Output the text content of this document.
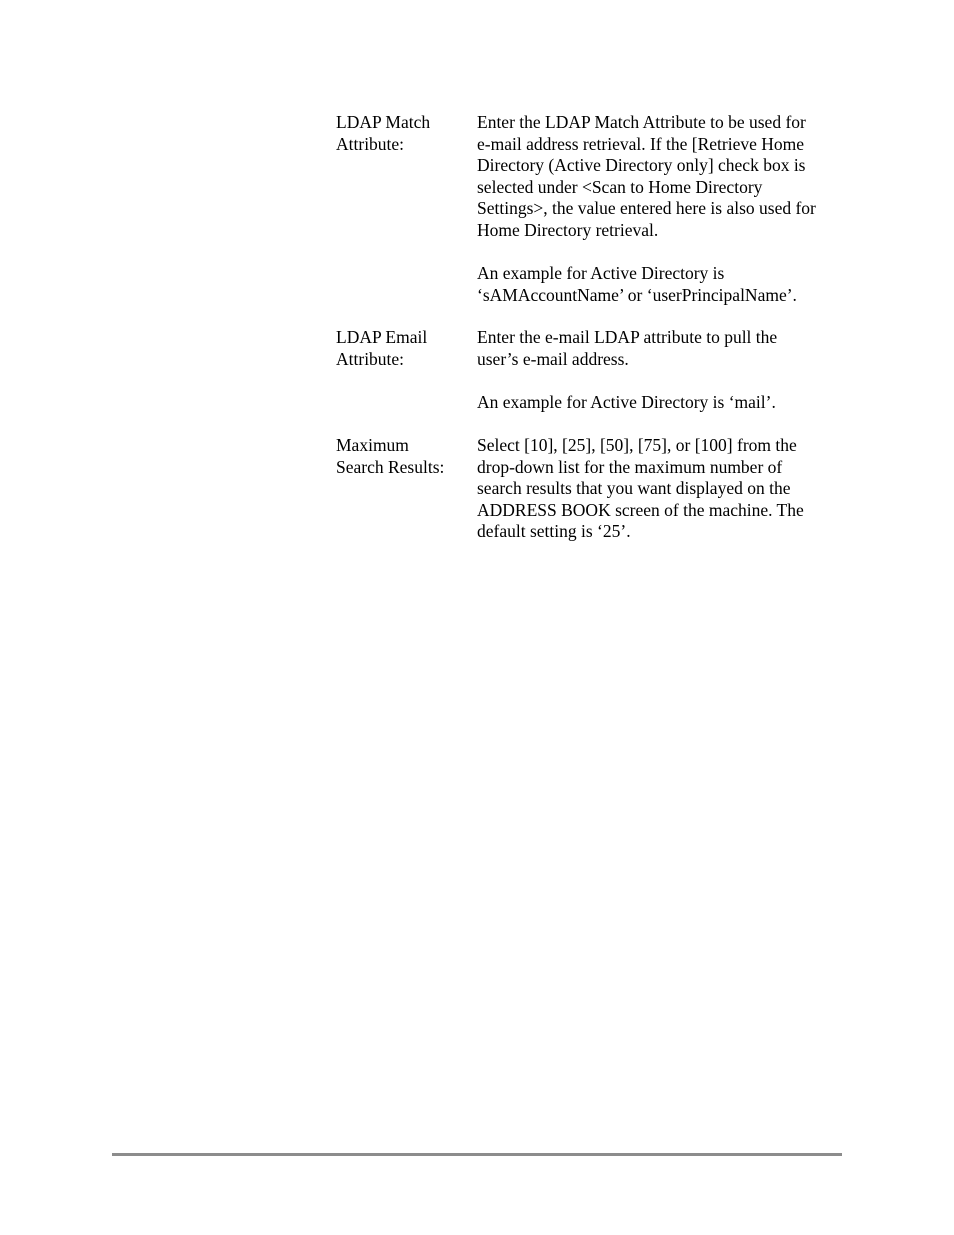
LDAP Match
Attribute:
Enter the LDAP Match Attribute to be used for
e-mail address retrieval. If the [Retrieve Home
Directory (Active Directory only] check box is
selected under <Scan to Home Directory
Settings>, the value entered here is also used for
Home Directory retrieval.
An example for Active Directory is
‘sAMAccountName’ or ‘userPrincipalName’.
LDAP Email
Attribute:
Enter the e-mail LDAP attribute to pull the
user’s e-mail address.
An example for Active Directory is ‘mail’.
Maximum
Search Results:
Select [10], [25], [50], [75], or [100] from the
drop-down list for the maximum number of
search results that you want displayed on the
ADDRESS BOOK screen of the machine. The
default setting is ‘25’.
